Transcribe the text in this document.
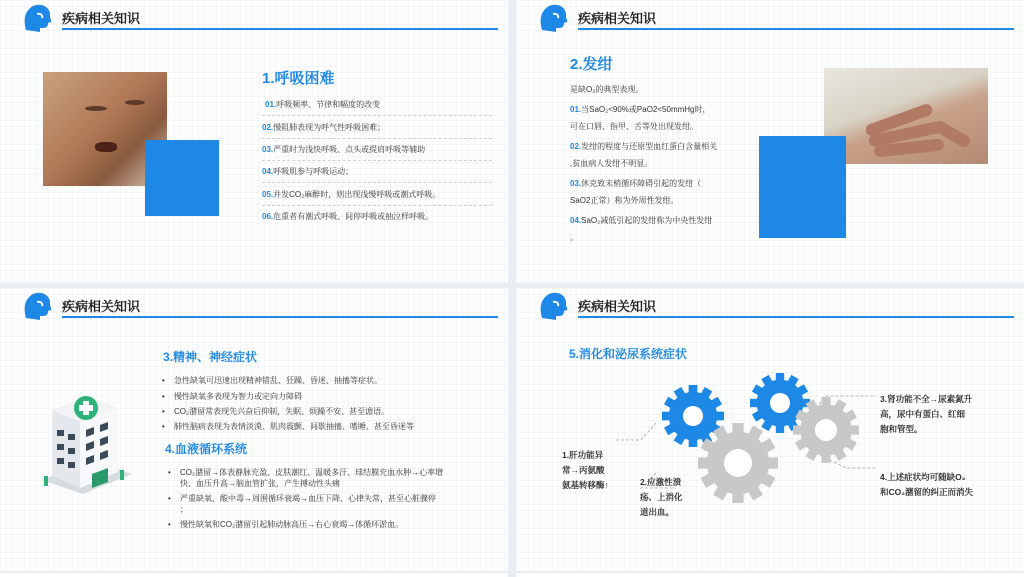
疾病相关知识
1.呼吸困难
01.呼吸频率、节律和幅度的改变
02.慢阻肺表现为呼气性呼吸困难；
03.严重时为浅快呼吸、点头或提肩呼吸等辅助
04.呼吸肌参与呼吸运动；
05.并发CO₂麻醉时，则出现浅慢呼吸或潮式呼吸。
06.危重者有潮式呼吸、间停呼吸或抽泣样呼吸。
疾病相关知识
2.发绀
是缺O₂的典型表现。
01.当SaO₂<90%或PaO2<50mmHg时，
可在口唇、指甲、舌等处出现发绀。
02.发绀的程度与还原型血红蛋白含量相关
,贫血病人发绀不明显。
03.休克致末梢循环障碍引起的发绀（
SaO2正常）称为外周性发绀。
04.SaO₂减低引起的发绀称为中央性发绀
。
疾病相关知识
3.精神、神经症状
• 急性缺氧可迅速出现精神错乱、狂躁、昏迷、抽搐等症状。
• 慢性缺氧多表现为智力或定向力障碍
• CO₂潴留常表现先兴奋后抑制，失眠、烦躁不安、甚至谵语。
• 肺性脑病表现为表情淡漠、肌肉震颤、间歇抽搐、嗜睡、甚至昏迷等
4.血液循环系统
• CO₂潴留→体表静脉充盈、皮肤潮红、温暖多汗、球结膜充血水肿→心率增
快、血压升高→脑血管扩张，产生搏动性头痛
• 严重缺氧、酸中毒→周围循环衰竭→血压下降、心律失常，甚至心脏骤停
；
• 慢性缺氧和CO₂潴留引起肺动脉高压→右心衰竭→体循环淤血。
疾病相关知识
5.消化和泌尿系统症状
1.肝功能异
常→丙氨酸
氨基转移酶↑	2.应激性溃
疡、上消化
道出血。
3.肾功能不全→尿素氮升
高，尿中有蛋白、红细
胞和管型。
4.上述症状均可随缺O₂
和CO₂潴留的纠正而消失
